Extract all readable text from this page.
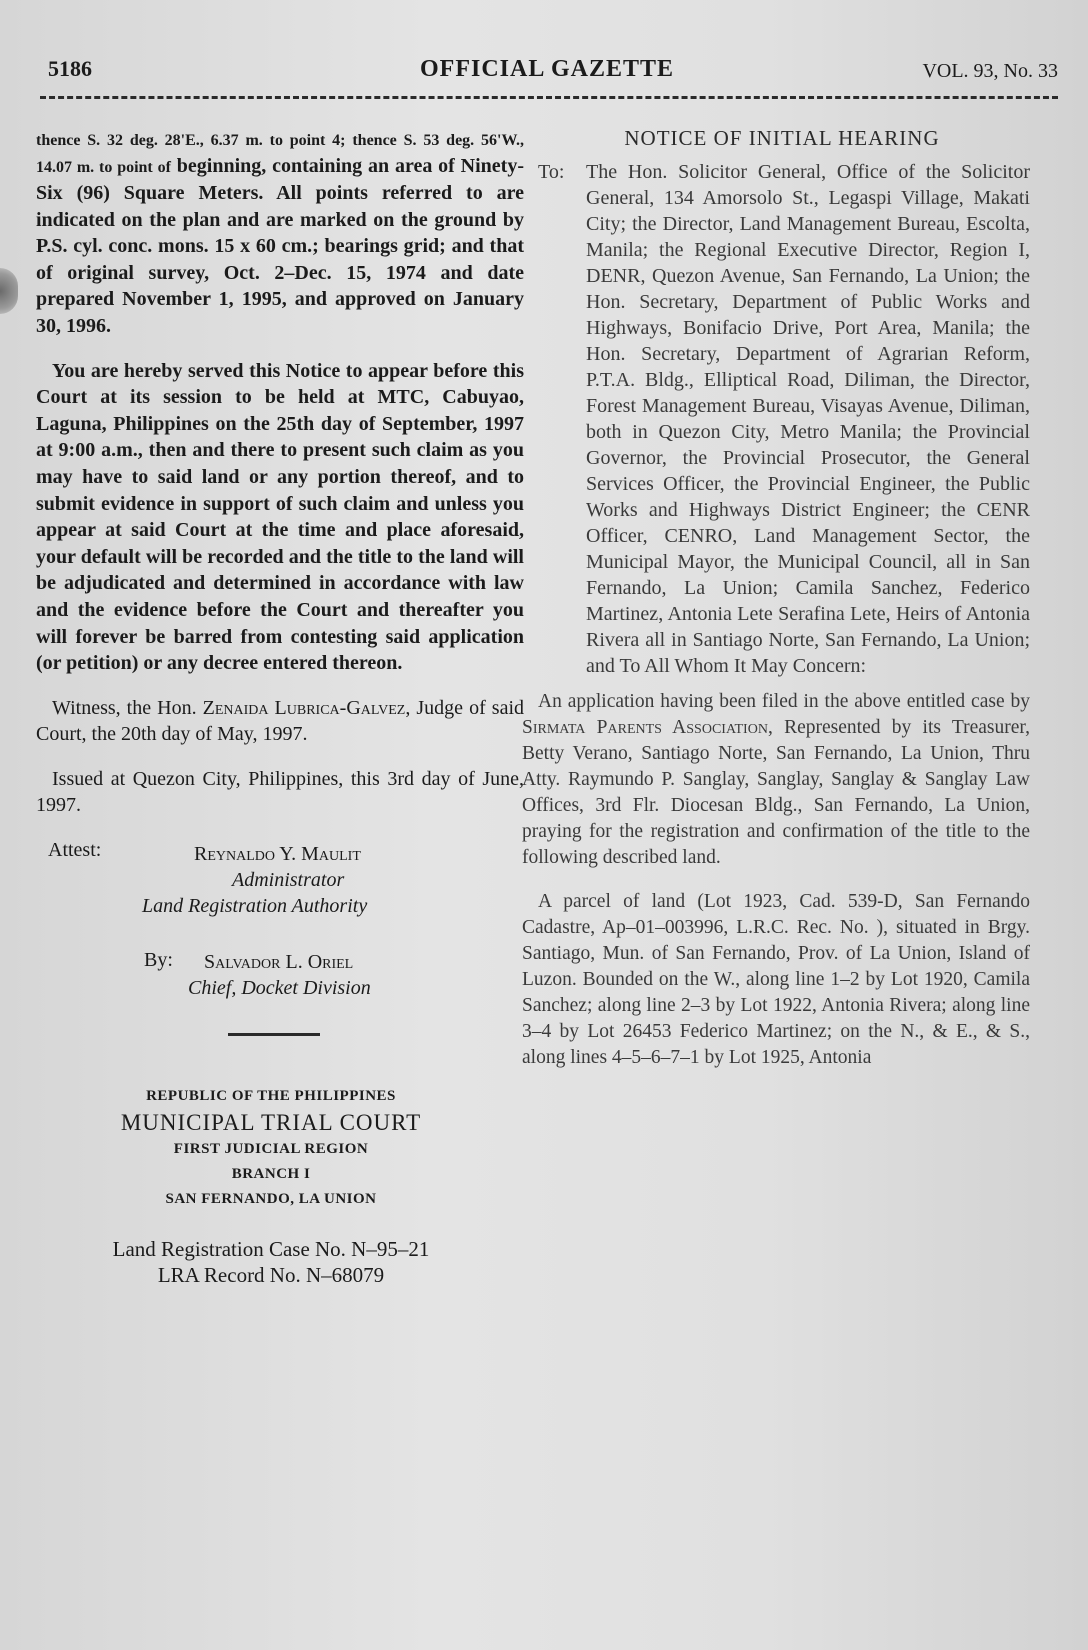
5186	OFFICIAL GAZETTE	VOL. 93, No. 33

thence S. 32 deg. 28'E., 6.37 m. to point 4; thence S. 53 deg. 56'W., 14.07 m. to point of beginning, containing an area of Ninety-Six (96) Square Meters. All points referred to are indicated on the plan and are marked on the ground by P.S. cyl. conc. mons. 15 x 60 cm.; bearings grid; and that of original survey, Oct. 2–Dec. 15, 1974 and date prepared November 1, 1995, and approved on January 30, 1996.

You are hereby served this Notice to appear before this Court at its session to be held at MTC, Cabuyao, Laguna, Philippines on the 25th day of September, 1997 at 9:00 a.m., then and there to present such claim as you may have to said land or any portion thereof, and to submit evidence in support of such claim and unless you appear at said Court at the time and place aforesaid, your default will be recorded and the title to the land will be adjudicated and determined in accordance with law and the evidence before the Court and thereafter you will forever be barred from contesting said application (or petition) or any decree entered thereon.

Witness, the Hon. Zenaida Lubrica-Galvez, Judge of said Court, the 20th day of May, 1997.

Issued at Quezon City, Philippines, this 3rd day of June, 1997.

Attest:	Reynaldo Y. Maulit
Administrator
Land Registration Authority
By: Salvador L. Oriel
Chief, Docket Division
REPUBLIC OF THE PHILIPPINES
MUNICIPAL TRIAL COURT
FIRST JUDICIAL REGION
BRANCH I
SAN FERNANDO, LA UNION
Land Registration Case No. N–95–21
LRA Record No. N–68079
NOTICE OF INITIAL HEARING
To: The Hon. Solicitor General, Office of the Solicitor General, 134 Amorsolo St., Legaspi Village, Makati City; the Director, Land Management Bureau, Escolta, Manila; the Regional Executive Director, Region I, DENR, Quezon Avenue, San Fernando, La Union; the Hon. Secretary, Department of Public Works and Highways, Bonifacio Drive, Port Area, Manila; the Hon. Secretary, Department of Agrarian Reform, P.T.A. Bldg., Elliptical Road, Diliman, the Director, Forest Management Bureau, Visayas Avenue, Diliman, both in Quezon City, Metro Manila; the Provincial Governor, the Provincial Prosecutor, the General Services Officer, the Provincial Engineer, the Public Works and Highways District Engineer; the CENR Officer, CENRO, Land Management Sector, the Municipal Mayor, the Municipal Council, all in San Fernando, La Union; Camila Sanchez, Federico Martinez, Antonia Lete Serafina Lete, Heirs of Antonia Rivera all in Santiago Norte, San Fernando, La Union; and To All Whom It May Concern:

An application having been filed in the above entitled case by Sirmata Parents Association, Represented by its Treasurer, Betty Verano, Santiago Norte, San Fernando, La Union, Thru Atty. Raymundo P. Sanglay, Sanglay, Sanglay & Sanglay Law Offices, 3rd Flr. Diocesan Bldg., San Fernando, La Union, praying for the registration and confirmation of the title to the following described land.

A parcel of land (Lot 1923, Cad. 539-D, San Fernando Cadastre, Ap–01–003996, L.R.C. Rec. No. ), situated in Brgy. Santiago, Mun. of San Fernando, Prov. of La Union, Island of Luzon. Bounded on the W., along line 1–2 by Lot 1920, Camila Sanchez; along line 2–3 by Lot 1922, Antonia Rivera; along line 3–4 by Lot 26453 Federico Martinez; on the N., & E., & S., along lines 4–5–6–7–1 by Lot 1925, Antonia
